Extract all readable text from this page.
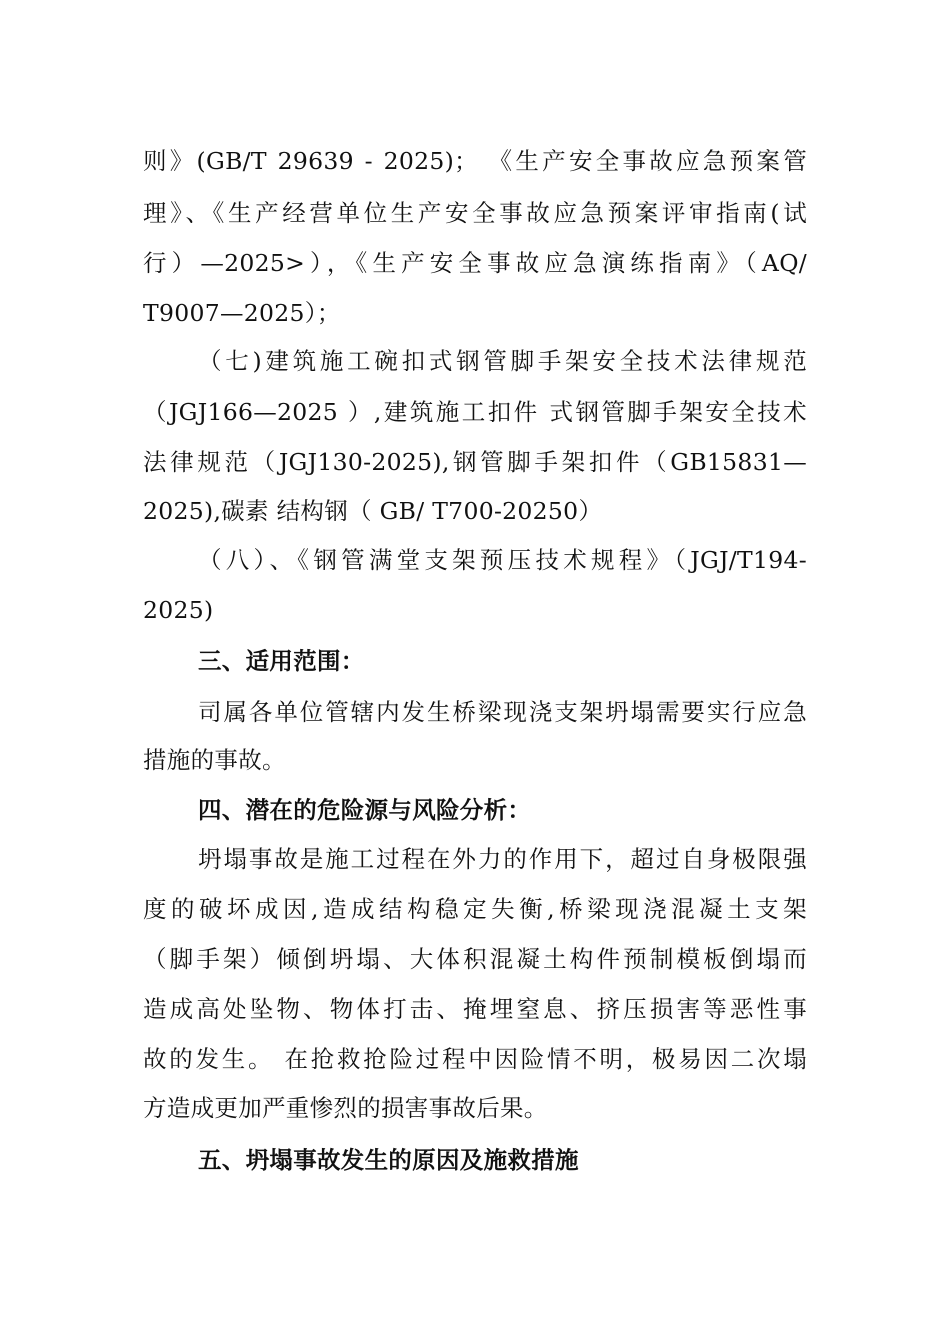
则》(GB/T 29639 - 2025)； 《生产安全事故应急预案管
理》、《生产经营单位生产安全事故应急预案评审指南(试
行）—2025>），《生产安全事故应急演练指南》（AQ/
T9007—2025）；
（七)建筑施工碗扣式钢管脚手架安全技术法律规范
（JGJ166—2025 ）,建筑施工扣件 式钢管脚手架安全技术
法律规范（JGJ130-2025),钢管脚手架扣件（GB15831—
2025),碳素 结构钢（ GB/ T700-20250）
（八）、《钢管满堂支架预压技术规程》（JGJ/T194-
2025)
三、适用范围：
司属各单位管辖内发生桥梁现浇支架坍塌需要实行应急
措施的事故。
四、潜在的危险源与风险分析：
坍塌事故是施工过程在外力的作用下，超过自身极限强
度的破坏成因,造成结构稳定失衡,桥梁现浇混凝土支架
（脚手架）倾倒坍塌、大体积混凝土构件预制模板倒塌而
造成高处坠物、物体打击、掩埋窒息、挤压损害等恶性事
故的发生。 在抢救抢险过程中因险情不明，极易因二次塌
方造成更加严重惨烈的损害事故后果。
五、坍塌事故发生的原因及施救措施
